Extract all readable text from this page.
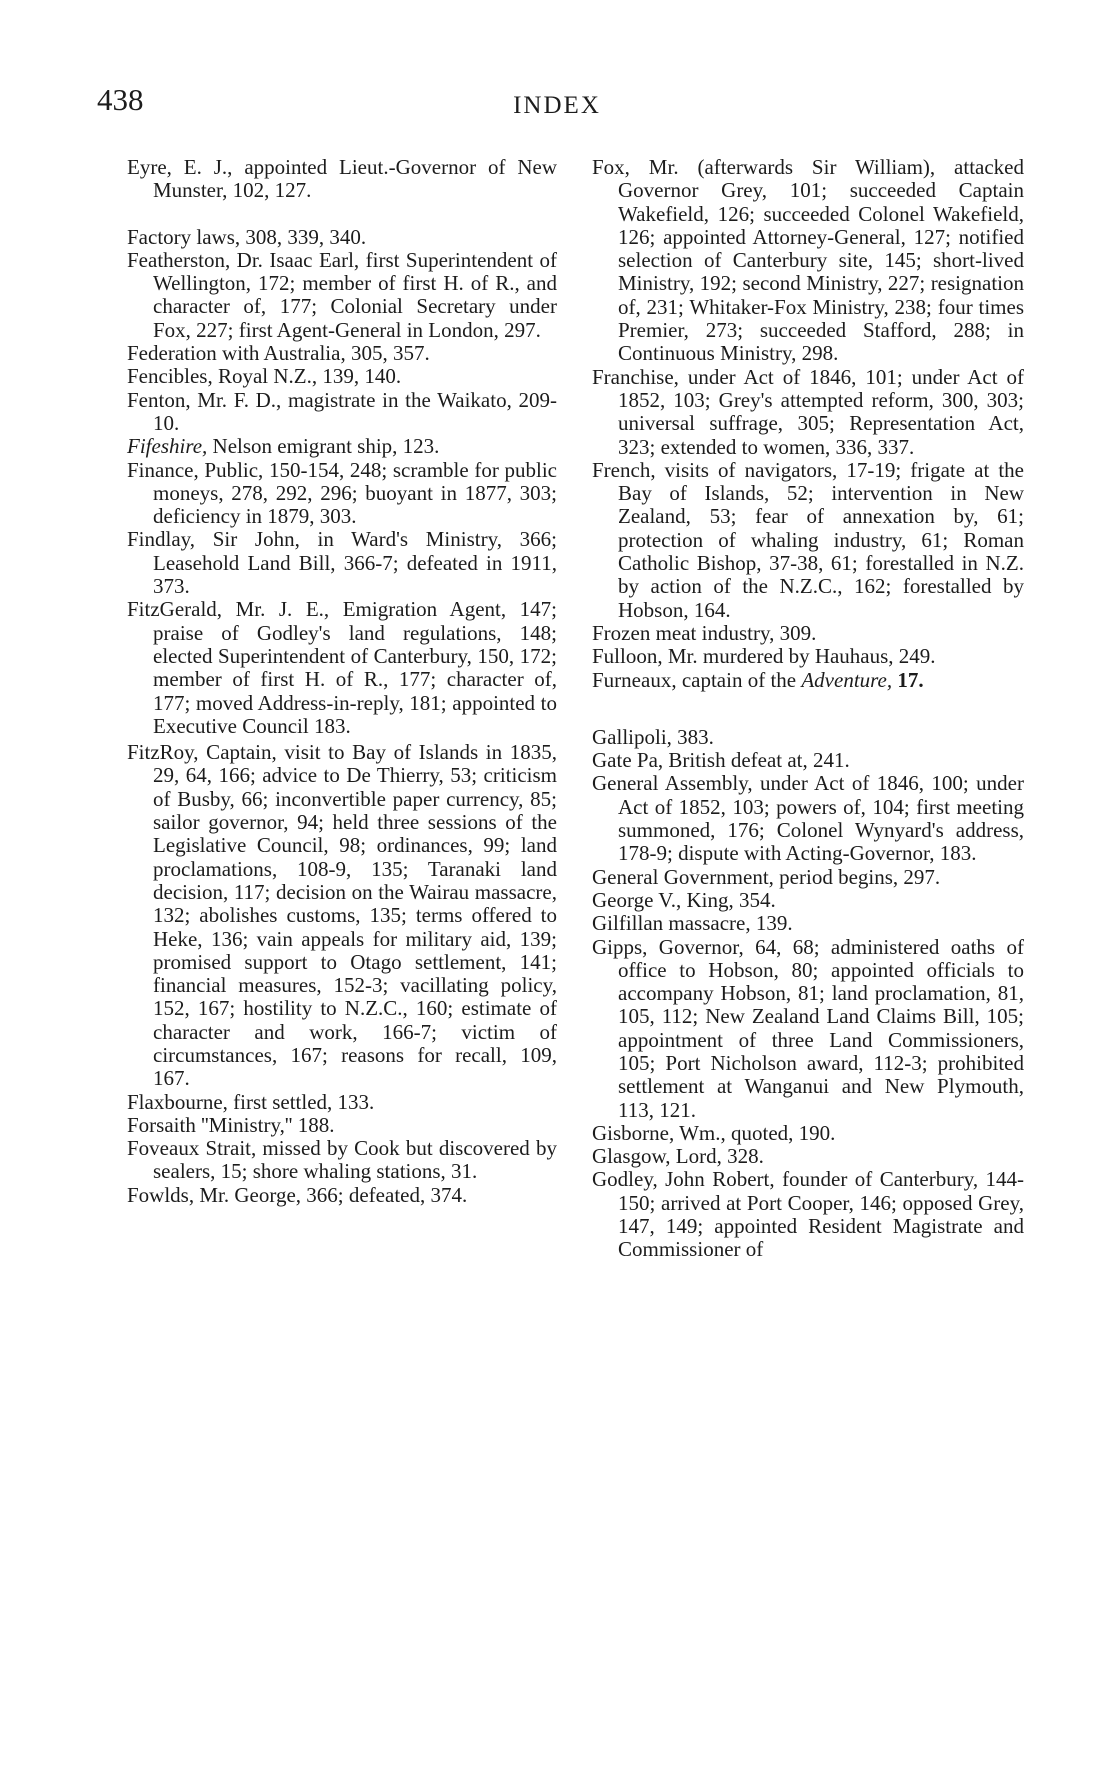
438	INDEX

Eyre, E. J., appointed Lieut.-Governor of New Munster, 102, 127.

Factory laws, 308, 339, 340.

Featherston, Dr. Isaac Earl, first Superintendent of Wellington, 172; member of first H. of R., and character of, 177; Colonial Secretary under Fox, 227; first Agent-General in London, 297.

Federation with Australia, 305, 357.

Fencibles, Royal N.Z., 139, 140.

Fenton, Mr. F. D., magistrate in the Waikato, 209-10.

Fifeshire, Nelson emigrant ship, 123.

Finance, Public, 150-154, 248; scramble for public moneys, 278, 292, 296; buoyant in 1877, 303; deficiency in 1879, 303.

Findlay, Sir John, in Ward's Ministry, 366; Leasehold Land Bill, 366-7; defeated in 1911, 373.

FitzGerald, Mr. J. E., Emigration Agent, 147; praise of Godley's land regulations, 148; elected Superintendent of Canterbury, 150, 172; member of first H. of R., 177; character of, 177; moved Address-in-reply, 181; appointed to Executive Council 183.

FitzRoy, Captain, visit to Bay of Islands in 1835, 29, 64, 166; advice to De Thierry, 53; criticism of Busby, 66; inconvertible paper currency, 85; sailor governor, 94; held three sessions of the Legislative Council, 98; ordinances, 99; land proclamations, 108-9, 135; Taranaki land decision, 117; decision on the Wairau massacre, 132; abolishes customs, 135; terms offered to Heke, 136; vain appeals for military aid, 139; promised support to Otago settlement, 141; financial measures, 152-3; vacillating policy, 152, 167; hostility to N.Z.C., 160; estimate of character and work, 166-7; victim of circumstances, 167; reasons for recall, 109, 167.

Flaxbourne, first settled, 133.

Forsaith ''Ministry,'' 188.

Foveaux Strait, missed by Cook but discovered by sealers, 15; shore whaling stations, 31.

Fowlds, Mr. George, 366; defeated, 374.

Fox, Mr. (afterwards Sir William), attacked Governor Grey, 101; succeeded Captain Wakefield, 126; succeeded Colonel Wakefield, 126; appointed Attorney-General, 127; notified selection of Canterbury site, 145; short-lived Ministry, 192; second Ministry, 227; resignation of, 231; Whitaker-Fox Ministry, 238; four times Premier, 273; succeeded Stafford, 288; in Continuous Ministry, 298.

Franchise, under Act of 1846, 101; under Act of 1852, 103; Grey's attempted reform, 300, 303; universal suffrage, 305; Representation Act, 323; extended to women, 336, 337.

French, visits of navigators, 17-19; frigate at the Bay of Islands, 52; intervention in New Zealand, 53; fear of annexation by, 61; protection of whaling industry, 61; Roman Catholic Bishop, 37-38, 61; forestalled in N.Z. by action of the N.Z.C., 162; forestalled by Hobson, 164.

Frozen meat industry, 309.

Fulloon, Mr. murdered by Hauhaus, 249.

Furneaux, captain of the Adventure, 17.

Gallipoli, 383.

Gate Pa, British defeat at, 241.

General Assembly, under Act of 1846, 100; under Act of 1852, 103; powers of, 104; first meeting summoned, 176; Colonel Wynyard's address, 178-9; dispute with Acting-Governor, 183.

General Government, period begins, 297.

George V., King, 354.

Gilfillan massacre, 139.

Gipps, Governor, 64, 68; administered oaths of office to Hobson, 80; appointed officials to accompany Hobson, 81; land proclamation, 81, 105, 112; New Zealand Land Claims Bill, 105; appointment of three Land Commissioners, 105; Port Nicholson award, 112-3; prohibited settlement at Wanganui and New Plymouth, 113, 121.

Gisborne, Wm., quoted, 190.

Glasgow, Lord, 328.

Godley, John Robert, founder of Canterbury, 144-150; arrived at Port Cooper, 146; opposed Grey, 147, 149; appointed Resident Magistrate and Commissioner of
